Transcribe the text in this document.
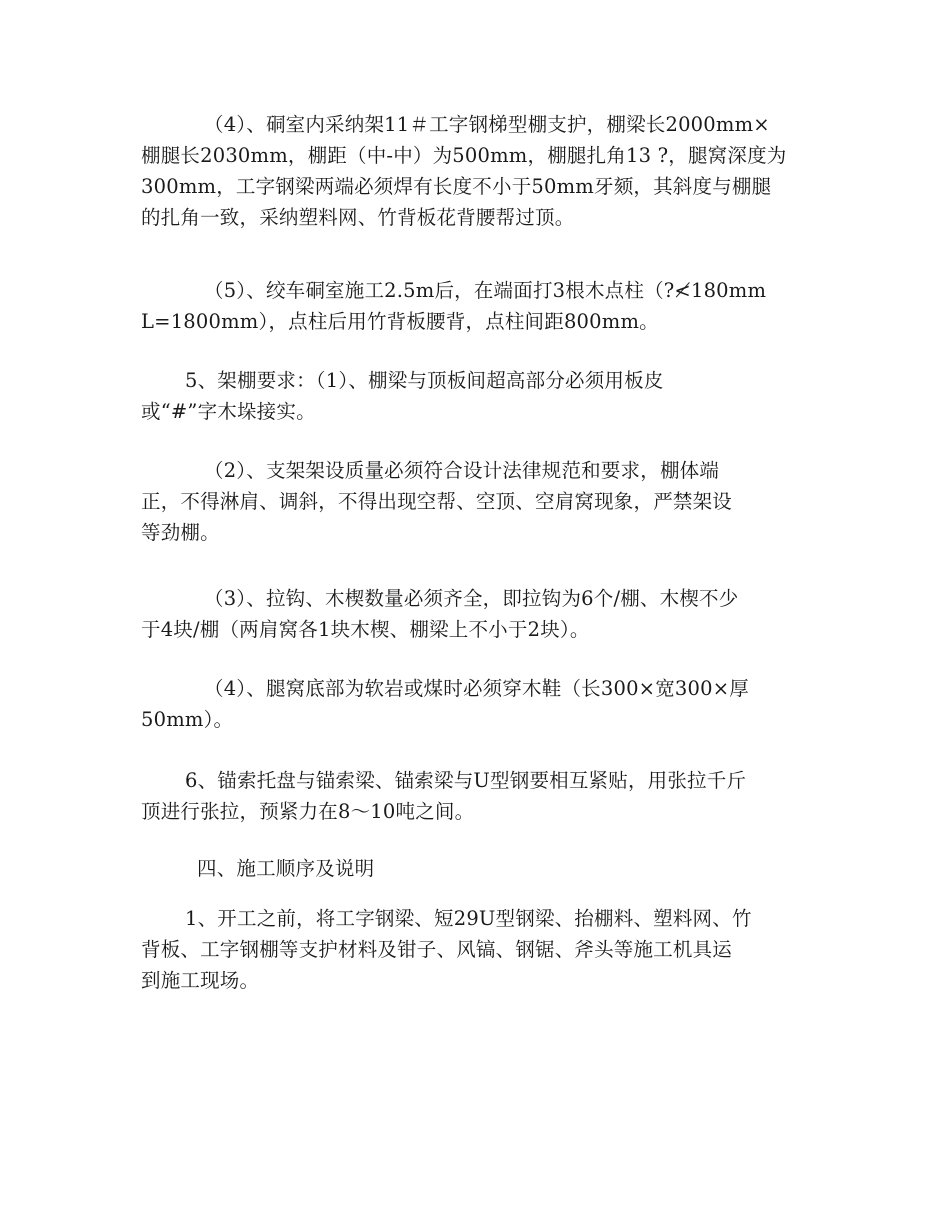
（4）、硐室内采纳架11＃工字钢梯型棚支护，棚梁长2000mm×
棚腿长2030mm，棚距（中-中）为500mm，棚腿扎角13 ?，腿窝深度为
300mm，工字钢梁两端必须焊有长度不小于50mm牙颏，其斜度与棚腿
的扎角一致，采纳塑料网、竹背板花背腰帮过顶。
（5）、绞车硐室施工2.5m后，在端面打3根木点柱（?≮180mm
L=1800mm），点柱后用竹背板腰背，点柱间距800mm。
5、架棚要求：（1）、棚梁与顶板间超高部分必须用板皮
或“#”字木垛接实。
（2）、支架架设质量必须符合设计法律规范和要求，棚体端
正，不得淋肩、调斜，不得出现空帮、空顶、空肩窝现象，严禁架设
等劲棚。
（3）、拉钩、木楔数量必须齐全，即拉钩为6个/棚、木楔不少
于4块/棚（两肩窝各1块木楔、棚梁上不小于2块）。
（4）、腿窝底部为软岩或煤时必须穿木鞋（长300×宽300×厚
50mm）。
6、锚索托盘与锚索梁、锚索梁与U型钢要相互紧贴，用张拉千斤
顶进行张拉，预紧力在8～10吨之间。
四、施工顺序及说明
1、开工之前，将工字钢梁、短29U型钢梁、抬棚料、塑料网、竹
背板、工字钢棚等支护材料及钳子、风镐、钢锯、斧头等施工机具运
到施工现场。
